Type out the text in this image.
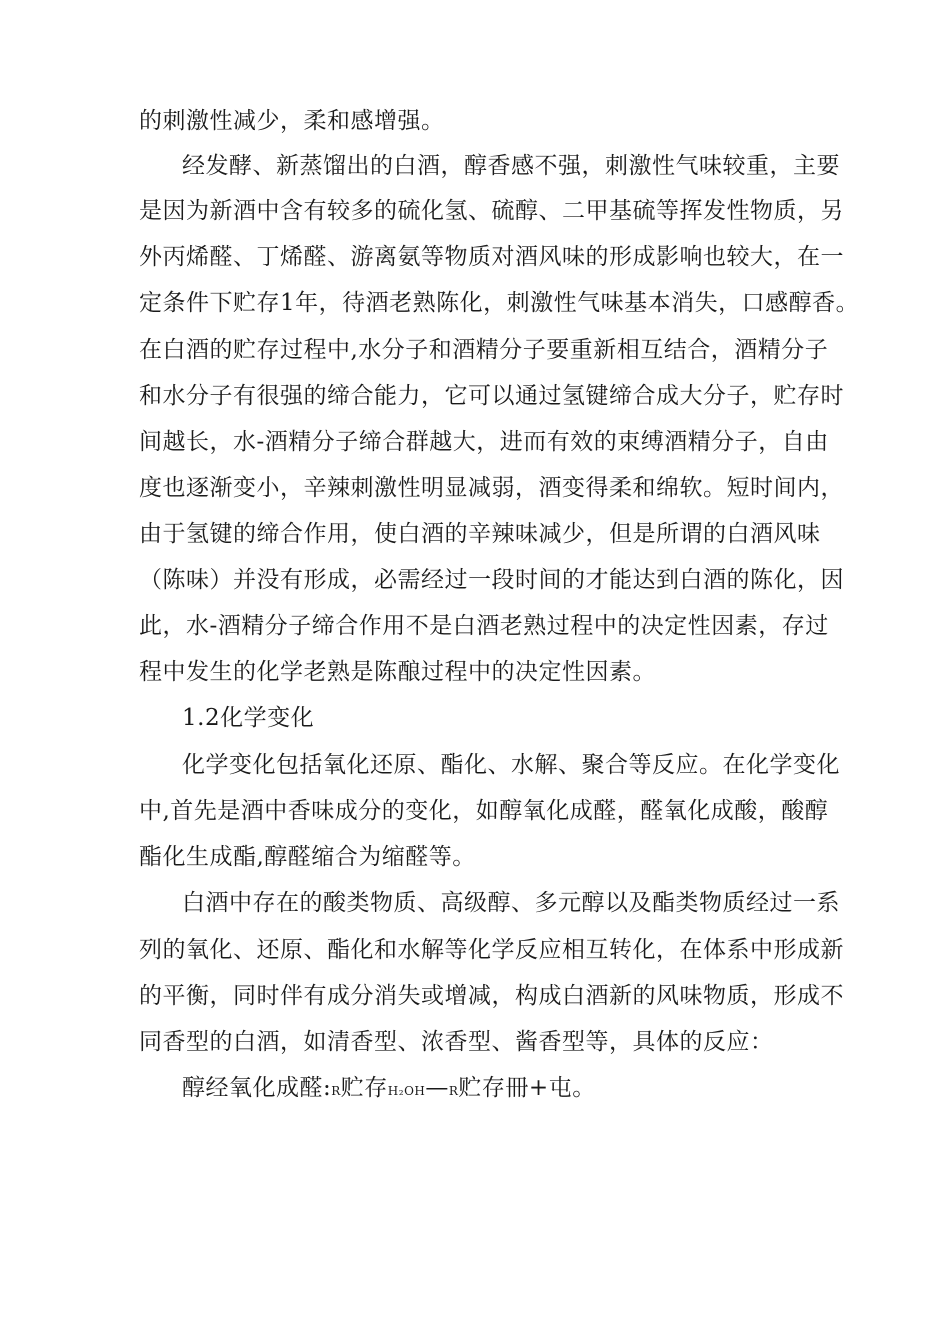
的刺激性减少，柔和感增强。
经发酵、新蒸馏出的白酒，醇香感不强，刺激性气味较重，主要
是因为新酒中含有较多的硫化氢、硫醇、二甲基硫等挥发性物质，另
外丙烯醛、丁烯醛、游离氨等物质对酒风味的形成影响也较大，在一
定条件下贮存1年，待酒老熟陈化，刺激性气味基本消失，口感醇香。
在白酒的贮存过程中,水分子和酒精分子要重新相互结合，酒精分子
和水分子有很强的缔合能力，它可以通过氢键缔合成大分子，贮存时
间越长，水-酒精分子缔合群越大，进而有效的束缚酒精分子，自由
度也逐渐变小，辛辣刺激性明显减弱，酒变得柔和绵软。短时间内，
由于氢键的缔合作用，使白酒的辛辣味减少，但是所谓的白酒风味
（陈味）并没有形成，必需经过一段时间的才能达到白酒的陈化，因
此，水-酒精分子缔合作用不是白酒老熟过程中的决定性因素，存过
程中发生的化学老熟是陈酿过程中的决定性因素。
1.2化学变化
化学变化包括氧化还原、酯化、水解、聚合等反应。在化学变化
中,首先是酒中香味成分的变化，如醇氧化成醛，醛氧化成酸，酸醇
酯化生成酯,醇醛缩合为缩醛等。
白酒中存在的酸类物质、高级醇、多元醇以及酯类物质经过一系
列的氧化、还原、酯化和水解等化学反应相互转化，在体系中形成新
的平衡，同时伴有成分消失或增减，构成白酒新的风味物质，形成不
同香型的白酒，如清香型、浓香型、酱香型等，具体的反应：
醇经氧化成醛:R贮存H₂OH—R贮存冊+屯。
